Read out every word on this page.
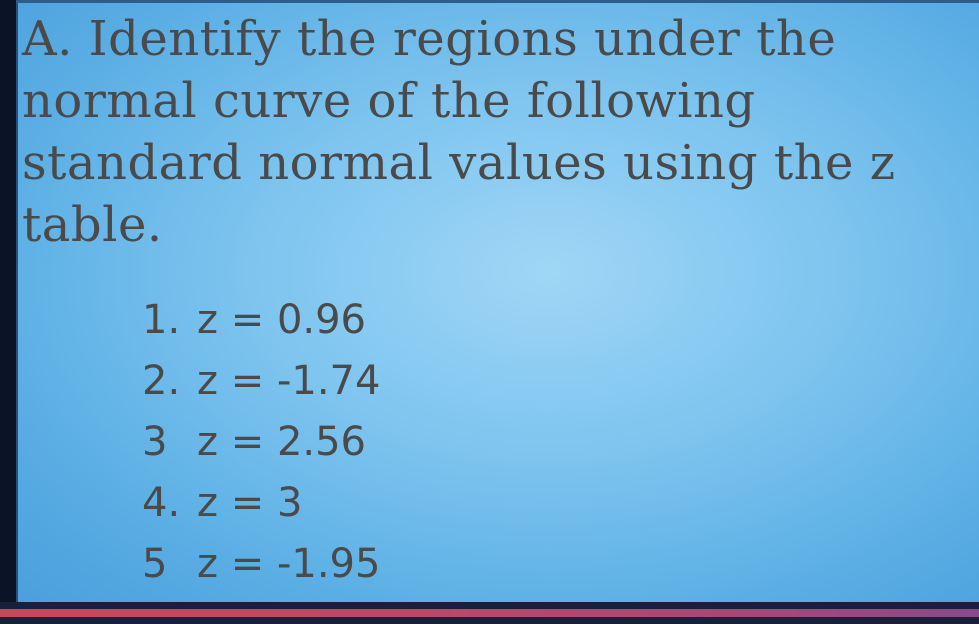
A. Identify the regions under the normal curve of the following standard normal values using the z table.

1. z = 0.96
2. z = -1.74
3 z = 2.56
4. z = 3
5 z = -1.95
